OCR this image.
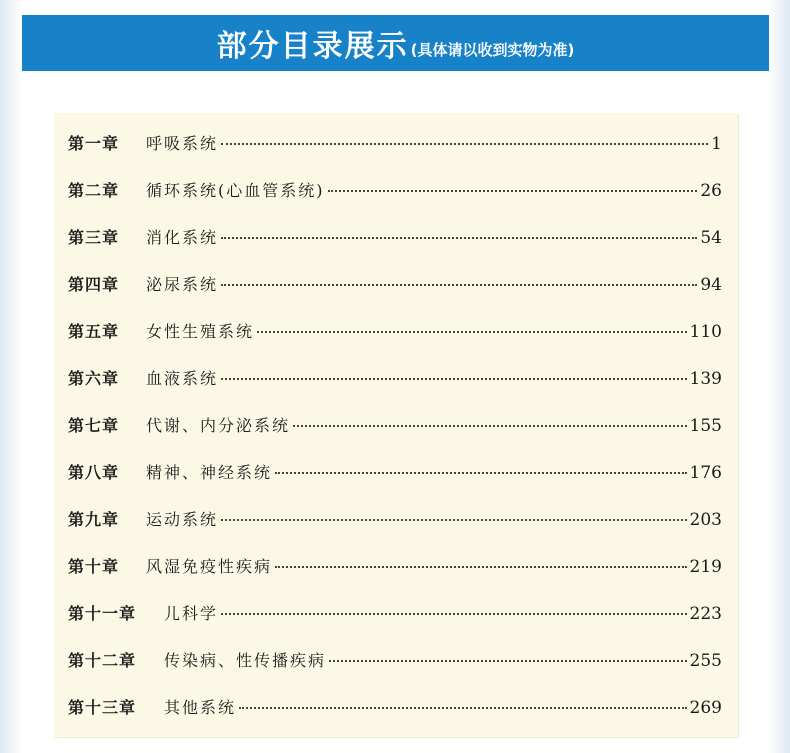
部分目录展示 (具体请以收到实物为准)
第一章	呼吸系统	1
第二章	循环系统(心血管系统)	26
第三章	消化系统	54
第四章	泌尿系统	94
第五章	女性生殖系统	110
第六章	血液系统	139
第七章	代谢、内分泌系统	155
第八章	精神、神经系统	176
第九章	运动系统	203
第十章	风湿免疫性疾病	219
第十一章	儿科学	223
第十二章	传染病、性传播疾病	255
第十三章	其他系统	269
